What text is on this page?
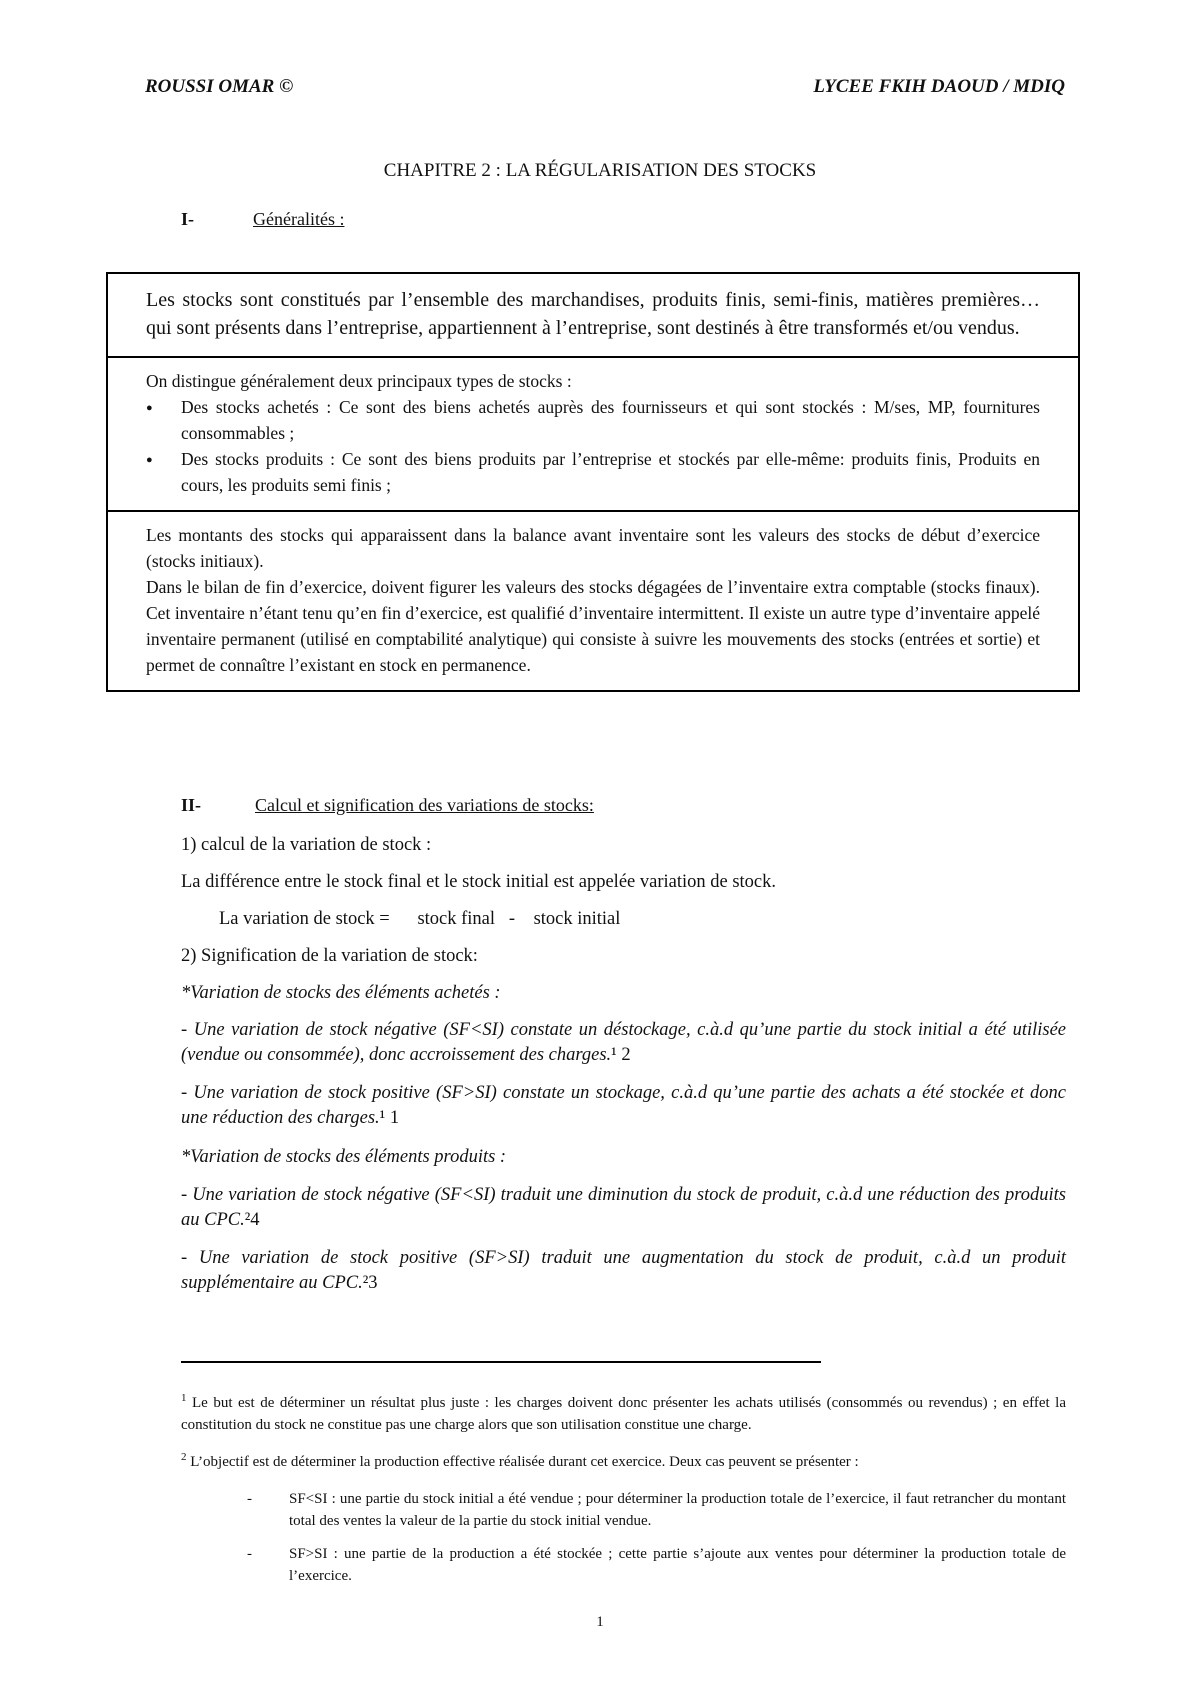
ROUSSI OMAR ©	LYCEE FKIH DAOUD / MDIQ
CHAPITRE 2 : LA RÉGULARISATION DES STOCKS
I-	Généralités :

Les stocks sont constitués par l’ensemble des marchandises, produits finis, semi-finis, matières premières… qui sont présents dans l’entreprise, appartiennent à l’entreprise, sont destinés à être transformés et/ou vendus.

On distingue généralement deux principaux types de stocks :

● Des stocks achetés : Ce sont des biens achetés auprès des fournisseurs et qui sont stockés : M/ses, MP, fournitures consommables ;
● Des stocks produits : Ce sont des biens produits par l’entreprise et stockés par elle-même: produits finis, Produits en cours, les produits semi finis ;

Les montants des stocks qui apparaissent dans la balance avant inventaire sont les valeurs des stocks de début d’exercice (stocks initiaux).

Dans le bilan de fin d’exercice, doivent figurer les valeurs des stocks dégagées de l’inventaire extra comptable (stocks finaux). Cet inventaire n’étant tenu qu’en fin d’exercice, est qualifié d’inventaire intermittent. Il existe un autre type d’inventaire appelé inventaire permanent (utilisé en comptabilité analytique) qui consiste à suivre les mouvements des stocks (entrées et sortie) et permet de connaître l’existant en stock en permanence.

II-	Calcul et signification des variations de stocks:
1) calcul de la variation de stock :
La différence entre le stock final et le stock initial est appelée variation de stock.
La variation de stock =      stock final   -    stock initial
2) Signification de la variation de stock:
*Variation de stocks des éléments achetés :
- Une variation de stock négative (SF<SI) constate un déstockage, c.à.d qu’une partie du stock initial a été utilisée (vendue ou consommée), donc accroissement des charges.¹ 2
- Une variation de stock positive (SF>SI) constate un stockage, c.à.d qu’une partie des achats a été stockée et donc une réduction des charges.¹ 1
*Variation de stocks des éléments produits :
- Une variation de stock négative (SF<SI) traduit une diminution du stock de produit, c.à.d une réduction des produits au CPC.²4
- Une variation de stock positive (SF>SI) traduit une augmentation du stock de produit, c.à.d un produit supplémentaire au CPC.²3

$^1$ Le but est de déterminer un résultat plus juste : les charges doivent donc présenter les achats utilisés (consommés ou revendus) ; en effet la constitution du stock ne constitue pas une charge alors que son utilisation constitue une charge.

$^2$ L’objectif est de déterminer la production effective réalisée durant cet exercice. Deux cas peuvent se présenter :

- SF<SI : une partie du stock initial a été vendue ; pour déterminer la production totale de l’exercice, il faut retrancher du montant total des ventes la valeur de la partie du stock initial vendue.
- SF>SI : une partie de la production a été stockée ; cette partie s’ajoute aux ventes pour déterminer la production totale de l’exercice.
1
